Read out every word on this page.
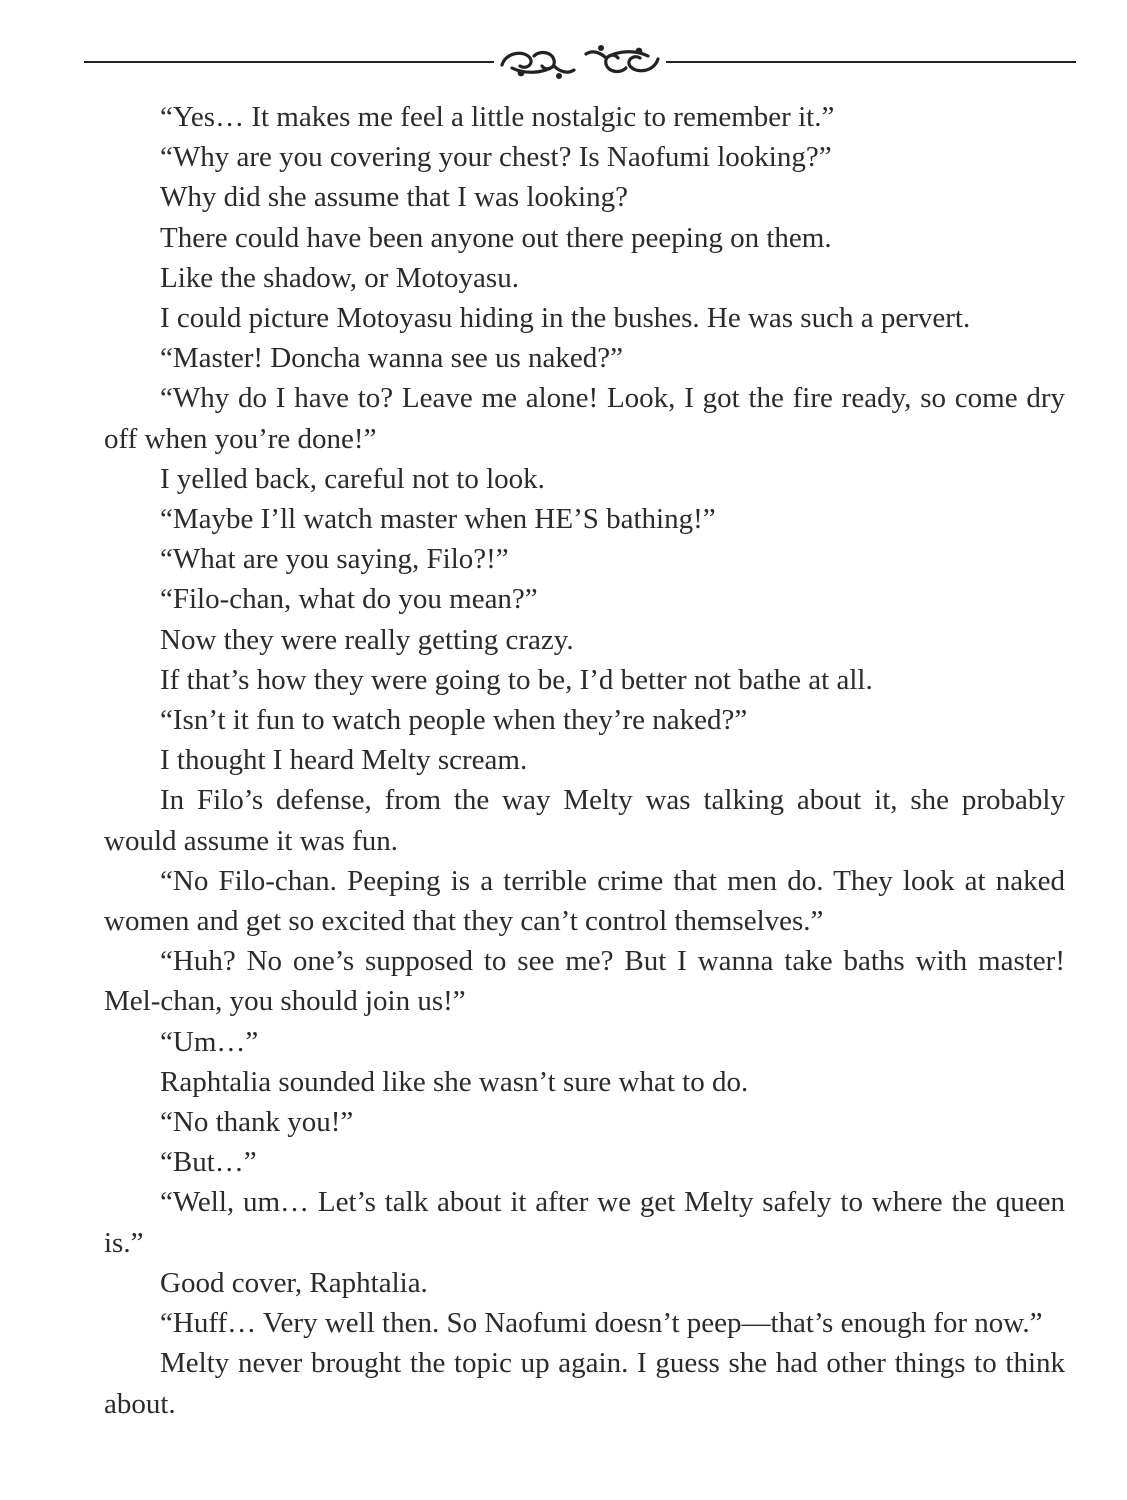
“Yes… It makes me feel a little nostalgic to remember it.”

“Why are you covering your chest? Is Naofumi looking?”

Why did she assume that I was looking?

There could have been anyone out there peeping on them.

Like the shadow, or Motoyasu.

I could picture Motoyasu hiding in the bushes. He was such a pervert.

“Master! Doncha wanna see us naked?”

“Why do I have to? Leave me alone! Look, I got the fire ready, so come dry off when you’re done!”

I yelled back, careful not to look.

“Maybe I’ll watch master when HE’S bathing!”

“What are you saying, Filo?!”

“Filo-chan, what do you mean?”

Now they were really getting crazy.

If that’s how they were going to be, I’d better not bathe at all.

“Isn’t it fun to watch people when they’re naked?”

I thought I heard Melty scream.

In Filo’s defense, from the way Melty was talking about it, she probably would assume it was fun.

“No Filo-chan. Peeping is a terrible crime that men do. They look at naked women and get so excited that they can’t control themselves.”

“Huh? No one’s supposed to see me? But I wanna take baths with master! Mel-chan, you should join us!”

“Um…”

Raphtalia sounded like she wasn’t sure what to do.

“No thank you!”

“But…”

“Well, um… Let’s talk about it after we get Melty safely to where the queen is.”

Good cover, Raphtalia.

“Huff… Very well then. So Naofumi doesn’t peep—that’s enough for now.”

Melty never brought the topic up again. I guess she had other things to think about.
